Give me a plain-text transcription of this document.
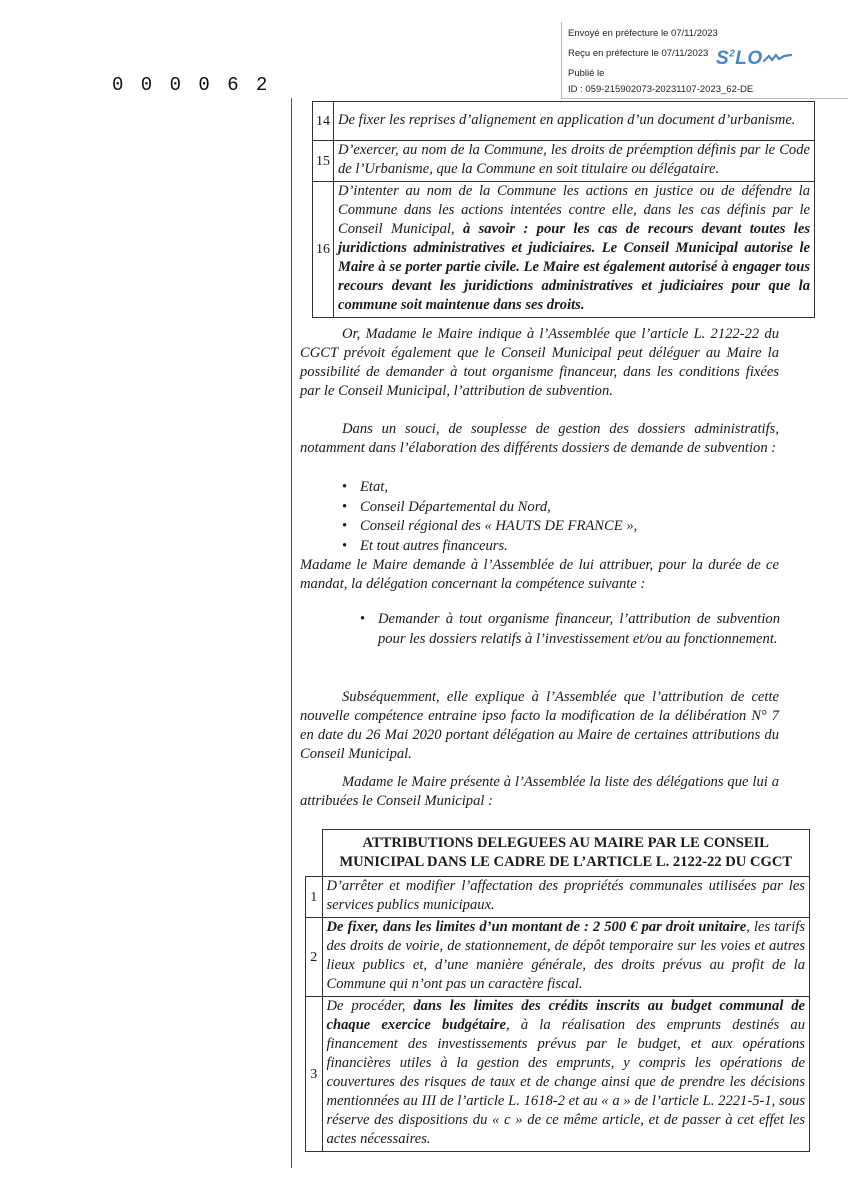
Envoyé en préfecture le 07/11/2023
Reçu en préfecture le 07/11/2023
Publié le
ID : 059-215902073-20231107-2023_62-DE
$S^2LO$
0 0 0 0 6 2
14	De fixer les reprises d’alignement en application d’un document d’urbanisme.
15	D’exercer, au nom de la Commune, les droits de préemption définis par le Code de l’Urbanisme, que la Commune en soit titulaire ou délégataire.
16	D’intenter au nom de la Commune les actions en justice ou de défendre la Commune dans les actions intentées contre elle, dans les cas définis par le Conseil Municipal, à savoir : pour les cas de recours devant toutes les juridictions administratives et judiciaires. Le Conseil Municipal autorise le Maire à se porter partie civile. Le Maire est également autorisé à engager tous recours devant les juridictions administratives et judiciaires pour que la commune soit maintenue dans ses droits.

Or, Madame le Maire indique à l’Assemblée que l’article L. 2122-22 du CGCT prévoit également que le Conseil Municipal peut déléguer au Maire la possibilité de demander à tout organisme financeur, dans les conditions fixées par le Conseil Municipal, l’attribution de subvention.

Dans un souci, de souplesse de gestion des dossiers administratifs, notamment dans l’élaboration des différents dossiers de demande de subvention :

• Etat,
• Conseil Départemental du Nord,
• Conseil régional des « HAUTS DE FRANCE »,
• Et tout autres financeurs.

Madame le Maire demande à l’Assemblée de lui attribuer, pour la durée de ce mandat, la délégation concernant la compétence suivante :

• Demander à tout organisme financeur, l’attribution de subvention pour les dossiers relatifs à l’investissement et/ou au fonctionnement.

Subséquemment, elle explique à l’Assemblée que l’attribution de cette nouvelle compétence entraine ipso facto la modification de la délibération N° 7 en date du 26 Mai 2020 portant délégation au Maire de certaines attributions du Conseil Municipal.

Madame le Maire présente à l’Assemblée la liste des délégations que lui a attribuées le Conseil Municipal :

	ATTRIBUTIONS DELEGUEES AU MAIRE PAR LE CONSEIL MUNICIPAL DANS LE CADRE DE L’ARTICLE L. 2122-22 DU CGCT
1	D’arrêter et modifier l’affectation des propriétés communales utilisées par les services publics municipaux.
2	De fixer, dans les limites d’un montant de : 2 500 € par droit unitaire, les tarifs des droits de voirie, de stationnement, de dépôt temporaire sur les voies et autres lieux publics et, d’une manière générale, des droits prévus au profit de la Commune qui n’ont pas un caractère fiscal.
3	De procéder, dans les limites des crédits inscrits au budget communal de chaque exercice budgétaire, à la réalisation des emprunts destinés au financement des investissements prévus par le budget, et aux opérations financières utiles à la gestion des emprunts, y compris les opérations de couvertures des risques de taux et de change ainsi que de prendre les décisions mentionnées au III de l’article L. 1618-2 et au « a » de l’article L. 2221-5-1, sous réserve des dispositions du « c » de ce même article, et de passer à cet effet les actes nécessaires.
